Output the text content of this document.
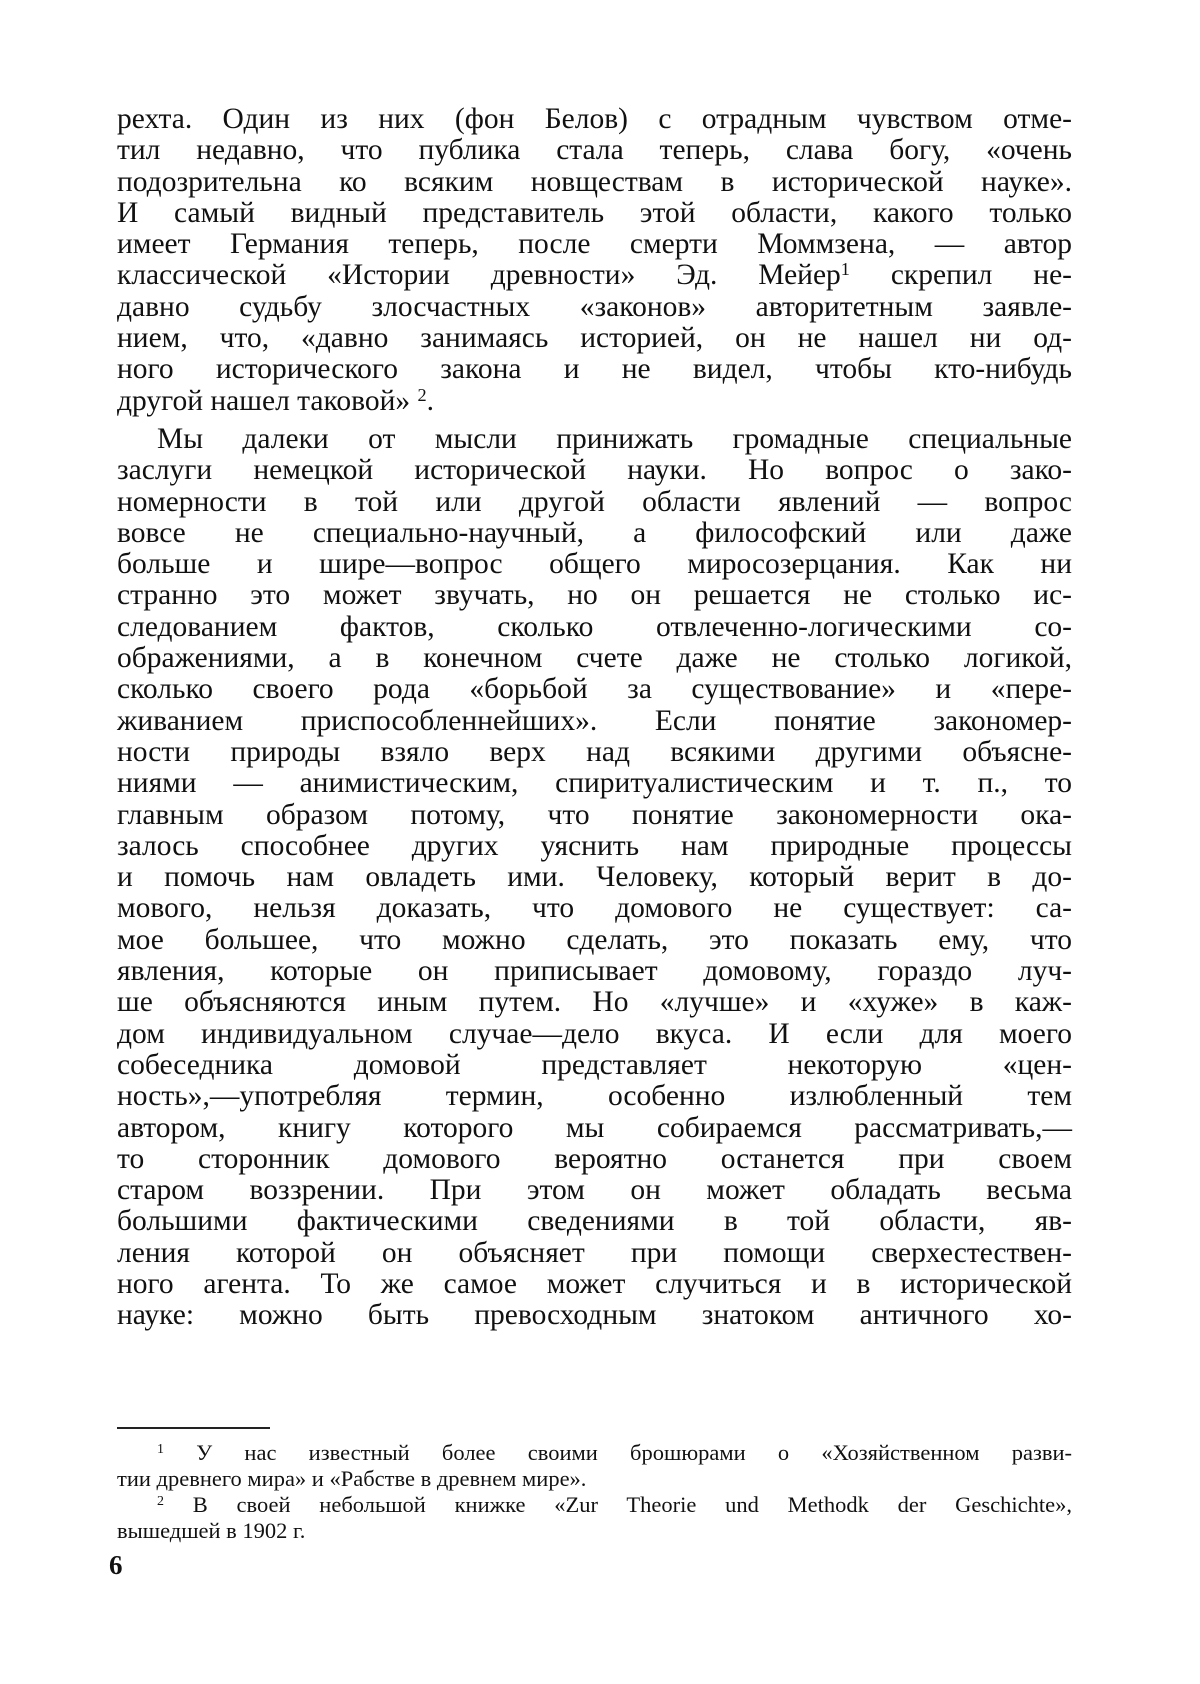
рехта. Один из них (фон Белов) с отрадным чувством отме-
тил недавно, что публика стала теперь, слава богу, «очень
подозрительна ко всяким новществам в исторической науке».
И самый видный представитель этой области, какого только
имеет Германия теперь, после смерти Моммзена, — автор
классической «Истории древности» Эд. Мейер$^1$ скрепил не-
давно судьбу злосчастных «законов» авторитетным заявле-
нием, что, «давно занимаясь историей, он не нашел ни од-
ного исторического закона и не видел, чтобы кто-нибудь
другой нашел таковой» $^2$.
Мы далеки от мысли принижать громадные специальные
заслуги немецкой исторической науки. Но вопрос о зако-
номерности в той или другой области явлений — вопрос
вовсе не специально-научный, а философский или даже
больше и шире—вопрос общего миросозерцания. Как ни
странно это может звучать, но он решается не столько ис-
следованием фактов, сколько отвлеченно-логическими со-
ображениями, а в конечном счете даже не столько логикой,
сколько своего рода «борьбой за существование» и «пере-
живанием приспособленнейших». Если понятие закономер-
ности природы взяло верх над всякими другими объясне-
ниями — анимистическим, спиритуалистическим и т. п., то
главным образом потому, что понятие закономерности ока-
залось способнее других уяснить нам природные процессы
и помочь нам овладеть ими. Человеку, который верит в до-
мового, нельзя доказать, что домового не существует: са-
мое большее, что можно сделать, это показать ему, что
явления, которые он приписывает домовому, гораздо луч-
ше объясняются иным путем. Но «лучше» и «хуже» в каж-
дом индивидуальном случае—дело вкуса. И если для моего
собеседника домовой представляет некоторую «цен-
ность»,—употребляя термин, особенно излюбленный тем
автором, книгу которого мы собираемся рассматривать,—
то сторонник домового вероятно останется при своем
старом воззрении. При этом он может обладать весьма
большими фактическими сведениями в той области, яв-
ления которой он объясняет при помощи сверхестествен-
ного агента. То же самое может случиться и в исторической
науке: можно быть превосходным знатоком античного хо-
$^1$ У нас известный более своими брошюрами о «Хозяйственном разви-
тии древнего мира» и «Рабстве в древнем мире».
$^2$ В своей небольшой книжке «Zur Theorie und Methodk der Geschichte»,
вышедшей в 1902 г.
6
